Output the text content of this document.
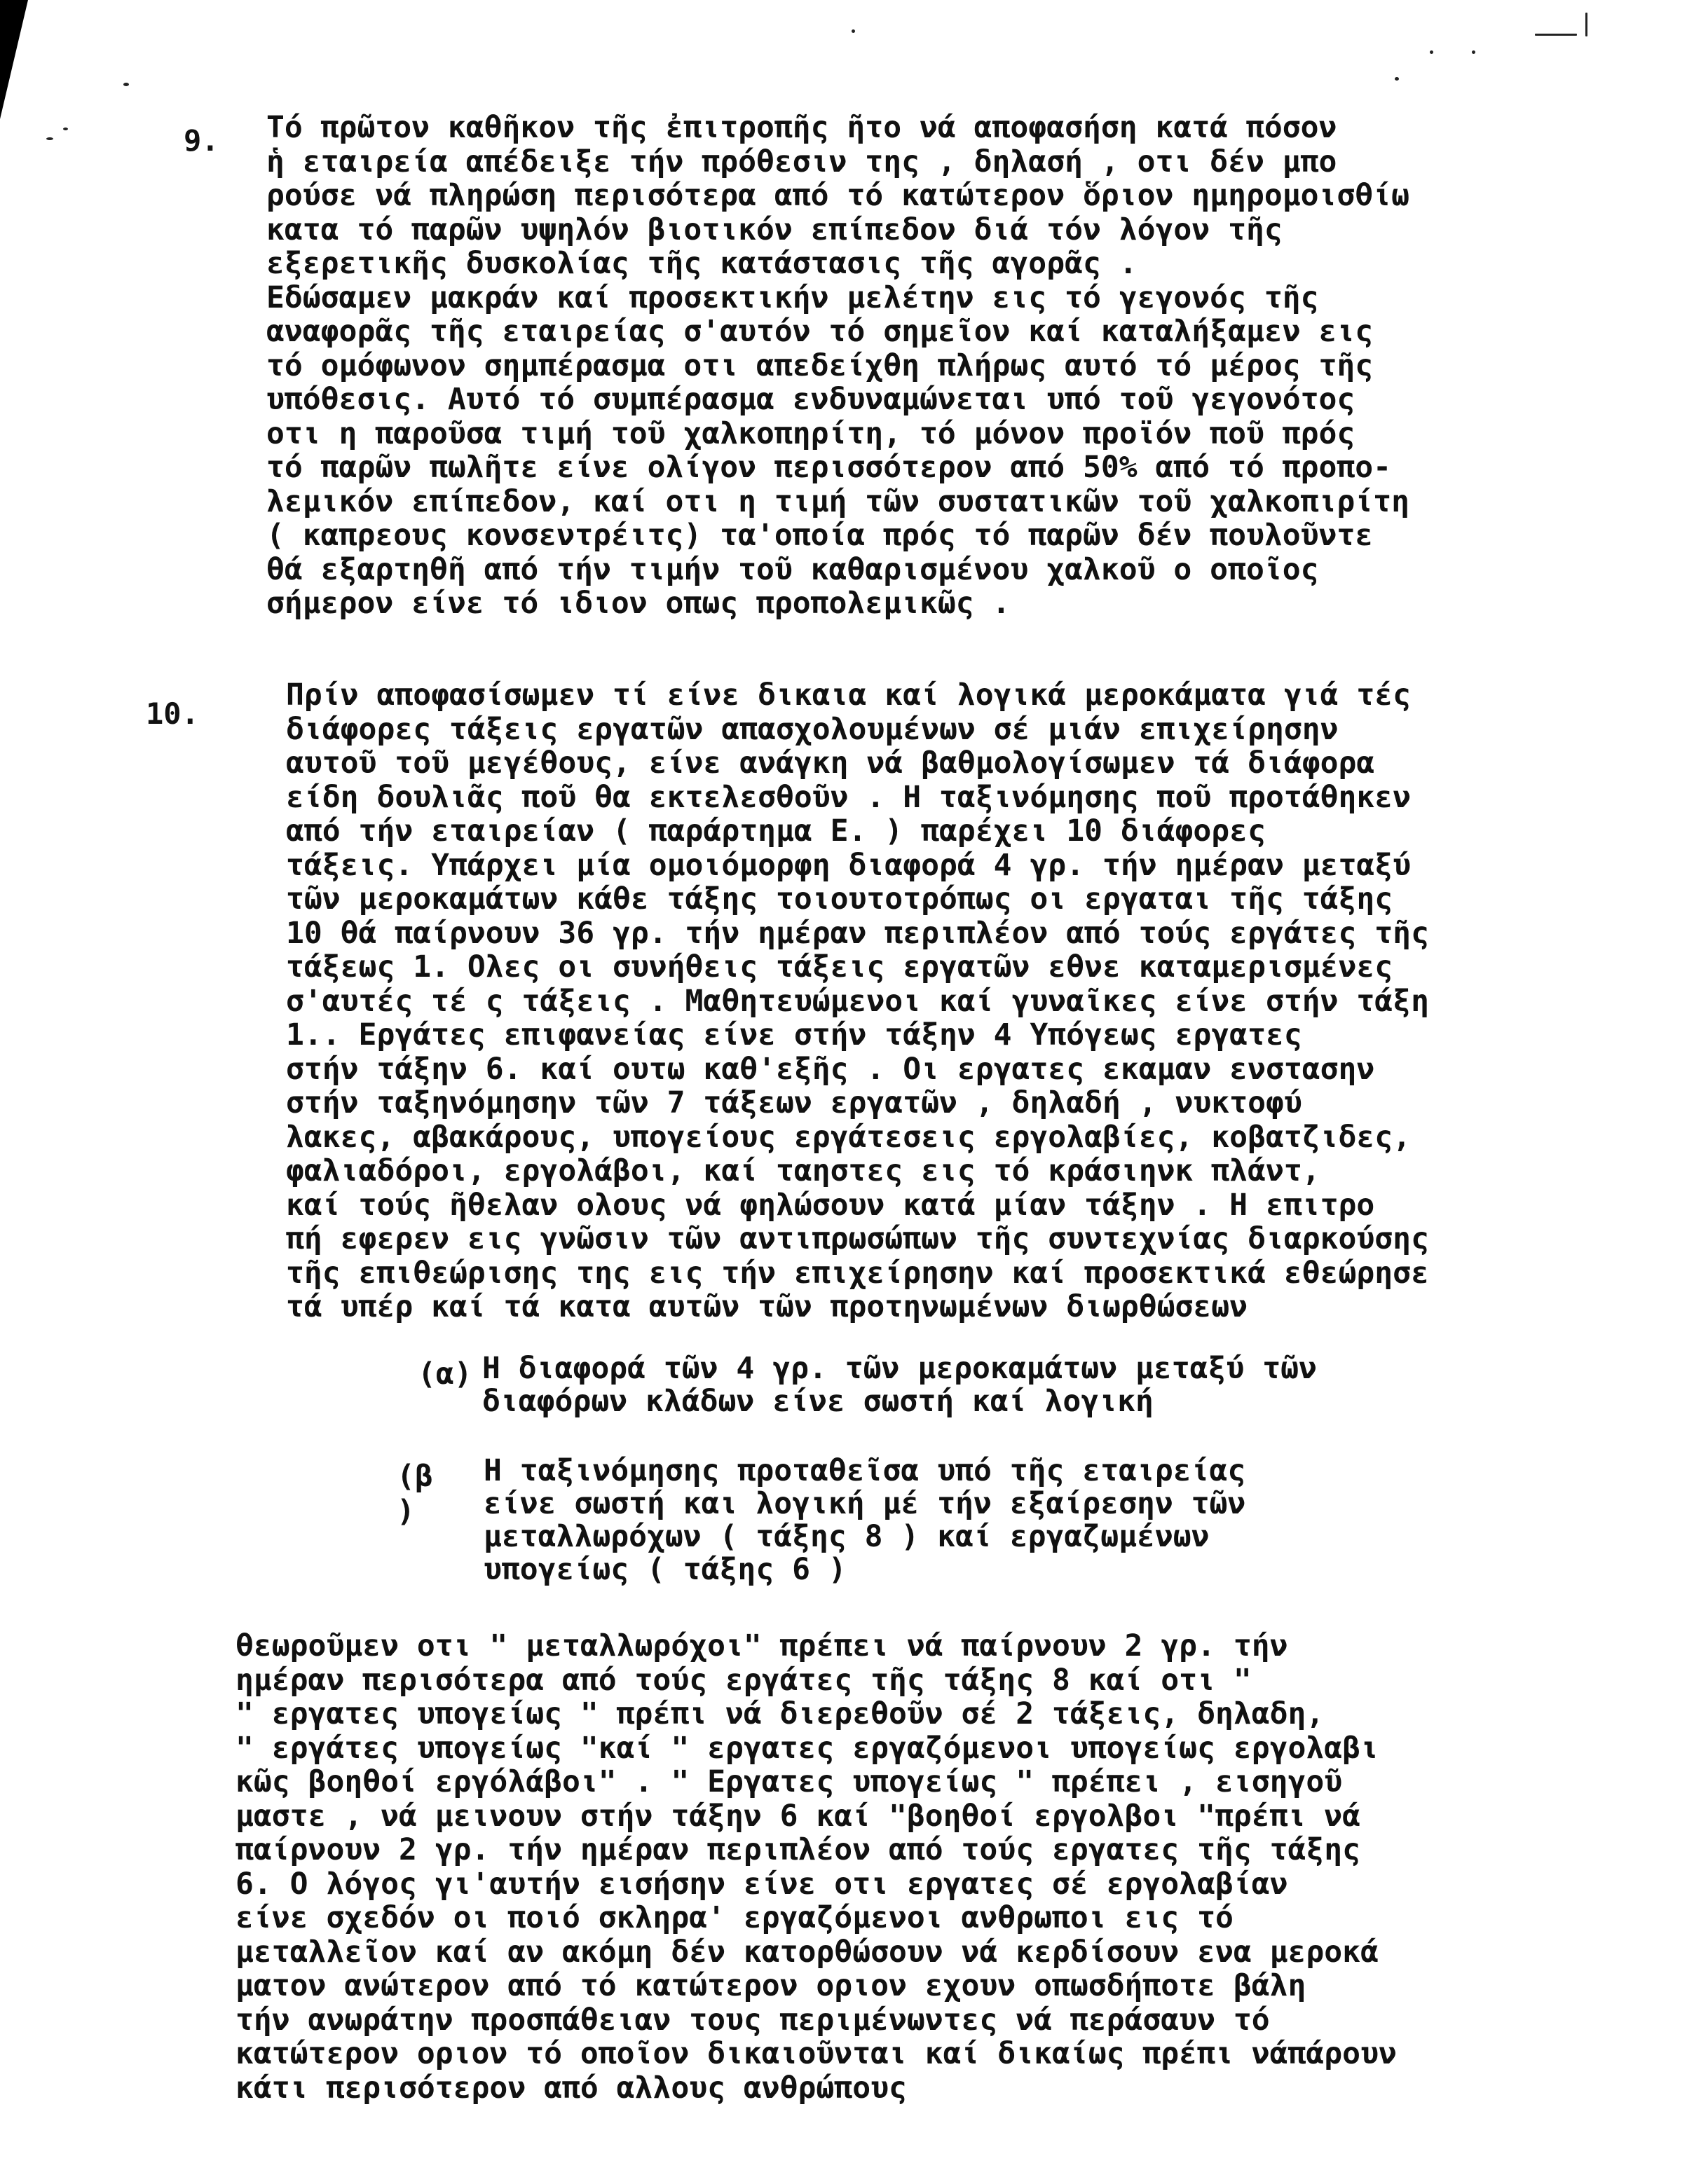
9. Τό πρῶτον καθῆκον τῆς ἐπιτροπῆς ῆτο νά αποφασήση κατά πόσον
ἡ εταιρεία απέδειξε τήν πρόθεσιν της , δηλασή , οτι δέν μπο
ρούσε νά πληρώση περισότερα από τό κατώτερον ὅριον ημηρομοισθίω
κατα τό παρῶν υψηλόν βιοτικόν επίπεδον διά τόν λόγον τῆς
εξερετικῆς δυσκολίας τῆς κατάστασις τῆς αγορᾶς .
Εδώσαμεν μακράν καί προσεκτικήν μελέτην εις τό γεγονός τῆς
αναφορᾶς τῆς εταιρείας σ'αυτόν τό σημεῖον καί καταλήξαμεν εις
τό ομόφωνον σημπέρασμα οτι απεδείχθη πλήρως αυτό τό μέρος τῆς
υπόθεσις. Αυτό τό συμπέρασμα ενδυναμώνεται υπό τοῦ γεγονότος
οτι η παροῦσα τιμή τοῦ χαλκοπηρίτη, τό μόνον προϊόν ποῦ πρός
τό παρῶν πωλῆτε είνε ολίγον περισσότερον από 50% από τό προπο-
λεμικόν επίπεδον, καί οτι η τιμή τῶν συστατικῶν τοῦ χαλκοπιρίτη
( καπρεους κονσεντρέιτς) τα'οποία πρός τό παρῶν δέν πουλοῦντε
θά εξαρτηθῆ από τήν τιμήν τοῦ καθαρισμένου χαλκοῦ ο οποῖος
σήμερον είνε τό ιδιον οπως προπολεμικῶς .
10.
Πρίν αποφασίσωμεν τί είνε δικαια καί λογικά μεροκάματα γιά τές
διάφορες τάξεις εργατῶν απασχολουμένων σέ μιάν επιχείρησην
αυτοῦ τοῦ μεγέθους, είνε ανάγκη νά βαθμολογίσωμεν τά διάφορα
είδη δουλιᾶς ποῦ θα εκτελεσθοῦν . Η ταξινόμησης ποῦ προτάθηκεν
από τήν εταιρείαν ( παράρτημα Ε. ) παρέχει 10 διάφορες
τάξεις. Υπάρχει μία ομοιόμορφη διαφορά 4 γρ. τήν ημέραν μεταξύ
τῶν μεροκαμάτων κάθε τάξης τοιουτοτρόπως οι εργαται τῆς τάξης
10 θά παίρνουν 36 γρ. τήν ημέραν περιπλέον από τούς εργάτες τῆς
τάξεως 1. Ολες οι συνήθεις τάξεις εργατῶν εθνε καταμερισμένες
σ'αυτές τέ ς τάξεις . Μαθητευώμενοι καί γυναῖκες είνε στήν τάξη
1.. Εργάτες επιφανείας είνε στήν τάξην 4 Υπόγεως εργατες
στήν τάξην 6. καί ουτω καθ'εξῆς . Οι εργατες εκαμαν ενστασην
στήν ταξηνόμησην τῶν 7 τάξεων εργατῶν , δηλαδή , νυκτοφύ
λακες, αβακάρους, υπογείους εργάτεσεις εργολαβίες, κοβατζιδες,
φαλιαδόροι, εργολάβοι, καί ταηστες εις τό κράσιηνκ πλάντ,
καί τούς ῆθελαν ολους νά φηλώσουν κατά μίαν τάξην . Η επιτρο
πή εφερεν εις γνῶσιν τῶν αντιπρωσώπων τῆς συντεχνίας διαρκούσης
τῆς επιθεώρισης της εις τήν επιχείρησην καί προσεκτικά εθεώρησε
τά υπέρ καί τά κατα αυτῶν τῶν προτηνωμένων διωρθώσεων
(α) Η διαφορά τῶν 4 γρ. τῶν μεροκαμάτων μεταξύ τῶν
διαφόρων κλάδων είνε σωστή καί λογική
(β )
Η ταξινόμησης προταθεῖσα υπό τῆς εταιρείας
είνε σωστή και λογική μέ τήν εξαίρεσην τῶν
μεταλλωρόχων ( τάξης 8 ) καί εργαζωμένων
υπογείως ( τάξης 6 )
θεωροῦμεν οτι " μεταλλωρόχοι" πρέπει νά παίρνουν 2 γρ. τήν
ημέραν περισότερα από τούς εργάτες τῆς τάξης 8 καί οτι "
" εργατες υπογείως " πρέπι νά διερεθοῦν σέ 2 τάξεις, δηλαδη,
" εργάτες υπογείως "καί " εργατες εργαζόμενοι υπογείως εργολαβι
κῶς βοηθοί εργόλάβοι" . " Εργατες υπογείως " πρέπει , εισηγοῦ
μαστε , νά μεινουν στήν τάξην 6 καί "βοηθοί εργολβοι "πρέπι νά
παίρνουν 2 γρ. τήν ημέραν περιπλέον από τούς εργατες τῆς τάξης
6. Ο λόγος γι'αυτήν εισήσην είνε οτι εργατες σέ εργολαβίαν
είνε σχεδόν οι ποιό σκληρα' εργαζόμενοι ανθρωποι εις τό
μεταλλεῖον καί αν ακόμη δέν κατορθώσουν νά κερδίσουν ενα μεροκά
ματον ανώτερον από τό κατώτερον οριον εχουν οπωσδήποτε βάλη
τήν ανωράτην προσπάθειαν τους περιμένωντες νά περάσαυν τό
κατώτερον οριον τό οποῖον δικαιοῦνται καί δικαίως πρέπι νάπάρουν
κάτι περισότερον από αλλους ανθρώπους
